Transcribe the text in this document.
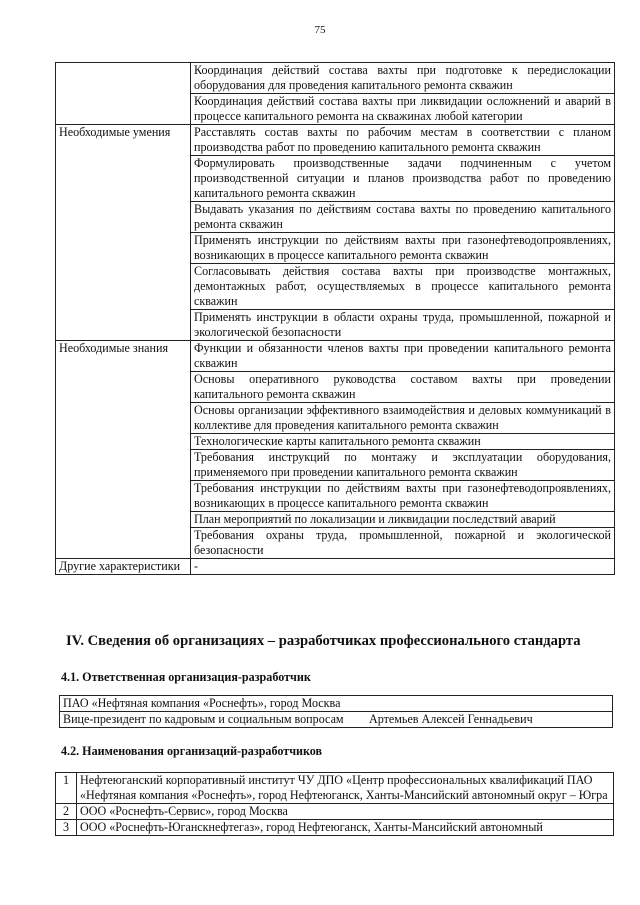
75
	Координация действий состава вахты при подготовке к передислокации оборудования для проведения капитального ремонта скважин
	Координация действий состава вахты при ликвидации осложнений и аварий в процессе капитального ремонта на скважинах любой категории
Необходимые умения	Расставлять состав вахты по рабочим местам в соответствии с планом производства работ по проведению капитального ремонта скважин
	Формулировать производственные задачи подчиненным с учетом производственной ситуации и планов производства работ по проведению капитального ремонта скважин
	Выдавать указания по действиям состава вахты по проведению капитального ремонта скважин
	Применять инструкции по действиям вахты при газонефтеводопроявлениях, возникающих в процессе капитального ремонта скважин
	Согласовывать действия состава вахты при производстве монтажных, демонтажных работ, осуществляемых в процессе капитального ремонта скважин
	Применять инструкции в области охраны труда, промышленной, пожарной и экологической безопасности
Необходимые знания	Функции и обязанности членов вахты при проведении капитального ремонта скважин
	Основы оперативного руководства составом вахты при проведении капитального ремонта скважин
	Основы организации эффективного взаимодействия и деловых коммуникаций в коллективе для проведения капитального ремонта скважин
	Технологические карты капитального ремонта скважин
	Требования инструкций по монтажу и эксплуатации оборудования, применяемого при проведении капитального ремонта скважин
	Требования инструкции по действиям вахты при газонефтеводопроявлениях, возникающих в процессе капитального ремонта скважин
	План мероприятий по локализации и ликвидации последствий аварий
	Требования охраны труда, промышленной, пожарной и экологической безопасности
Другие характеристики	-
IV. Сведения об организациях – разработчиках профессионального стандарта
4.1. Ответственная организация-разработчик
ПАО «Нефтяная компания «Роснефть», город Москва
Вице-президент по кадровым и социальным вопросам	Артемьев Алексей Геннадьевич
4.2. Наименования организаций-разработчиков
1	Нефтеюганский корпоративный институт ЧУ ДПО «Центр профессиональных квалификаций ПАО «Нефтяная компания «Роснефть», город Нефтеюганск, Ханты-Мансийский автономный округ – Югра
2	ООО «Роснефть-Сервис», город Москва
3	ООО «Роснефть-Юганскнефтегаз», город Нефтеюганск, Ханты-Мансийский автономный
